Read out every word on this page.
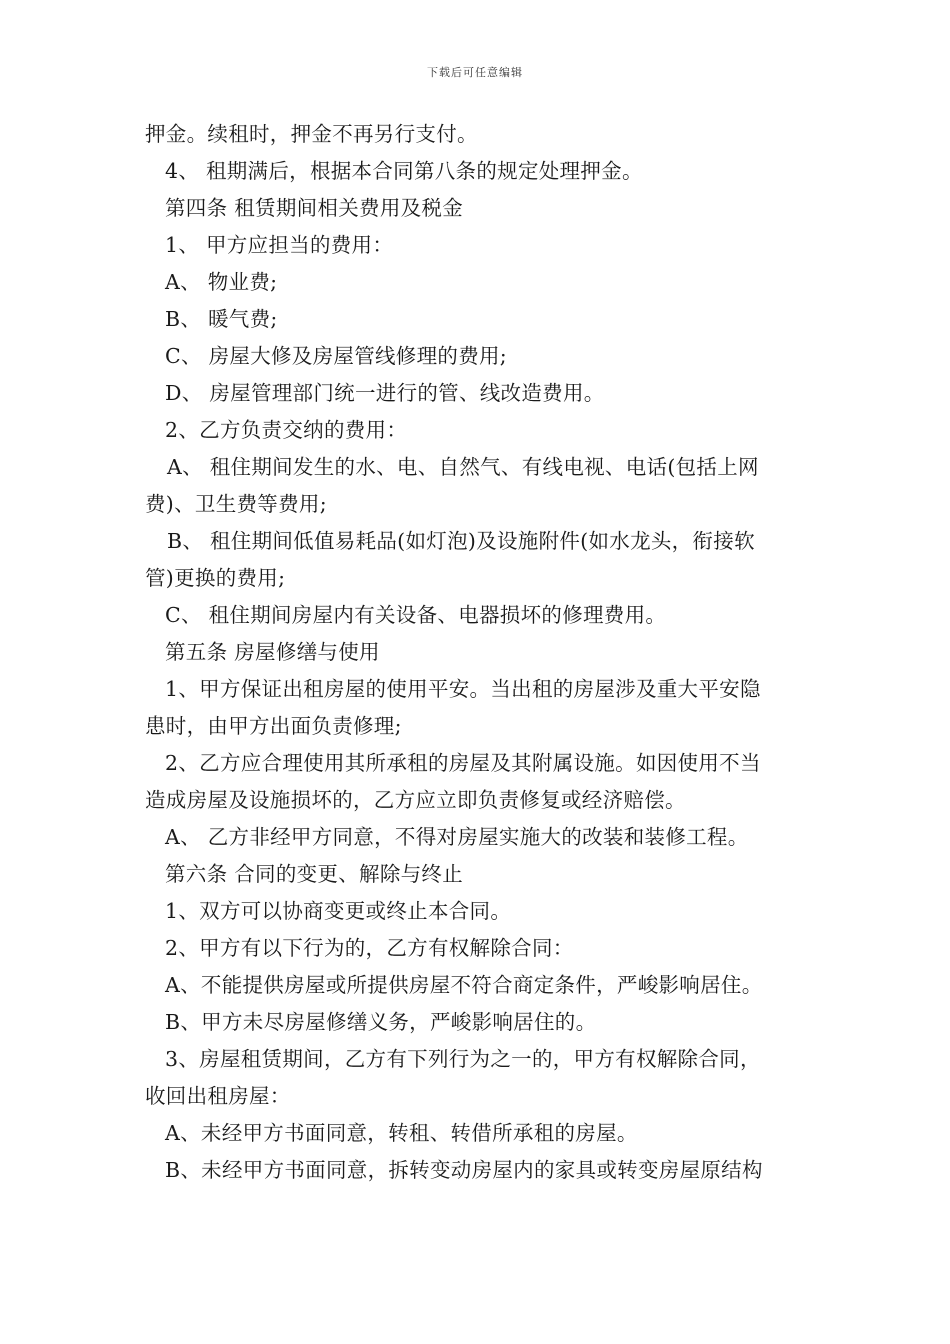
下载后可任意编辑
押金。续租时，押金不再另行支付。
4、 租期满后，根据本合同第八条的规定处理押金。
第四条 租赁期间相关费用及税金
1、 甲方应担当的费用：
A、 物业费;
B、 暖气费;
C、 房屋大修及房屋管线修理的费用;
D、 房屋管理部门统一进行的管、线改造费用。
2、乙方负责交纳的费用：
A、 租住期间发生的水、电、自然气、有线电视、电话(包括上网
费)、卫生费等费用;
B、 租住期间低值易耗品(如灯泡)及设施附件(如水龙头，衔接软
管)更换的费用;
C、 租住期间房屋内有关设备、电器损坏的修理费用。
第五条 房屋修缮与使用
1、甲方保证出租房屋的使用平安。当出租的房屋涉及重大平安隐
患时，由甲方出面负责修理;
2、乙方应合理使用其所承租的房屋及其附属设施。如因使用不当
造成房屋及设施损坏的，乙方应立即负责修复或经济赔偿。
A、 乙方非经甲方同意，不得对房屋实施大的改装和装修工程。
第六条 合同的变更、解除与终止
1、双方可以协商变更或终止本合同。
2、甲方有以下行为的，乙方有权解除合同：
A、不能提供房屋或所提供房屋不符合商定条件，严峻影响居住。
B、甲方未尽房屋修缮义务，严峻影响居住的。
3、房屋租赁期间，乙方有下列行为之一的，甲方有权解除合同，
收回出租房屋：
A、未经甲方书面同意，转租、转借所承租的房屋。
B、未经甲方书面同意，拆转变动房屋内的家具或转变房屋原结构
